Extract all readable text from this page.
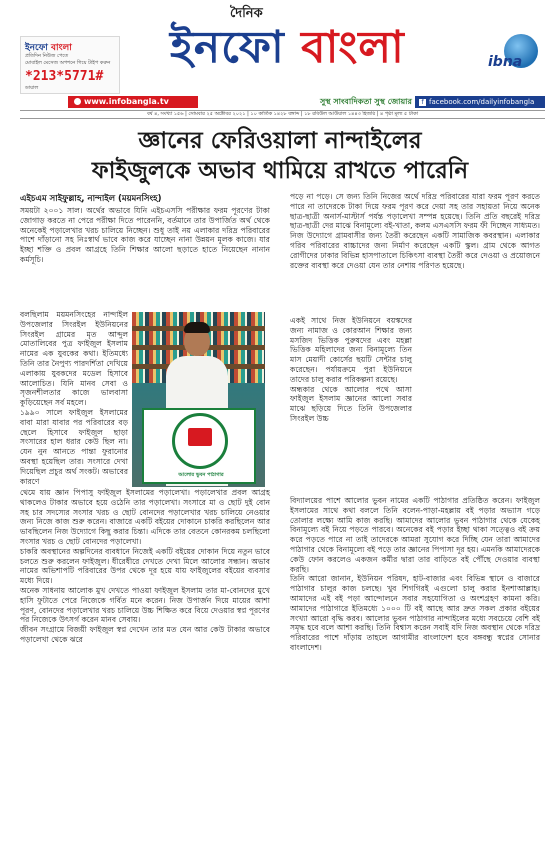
ইনফো বাংলা
প্রতিদিন নিউজ পেতে
মোবাইল মেসেজ অপশনে গিয়ে টাইপ করুন
*213*5771#
ডায়াল
দৈনিক
ইনফো বাংলা	ibna
www.infobangla.tv	সুস্থ সাংবাদিকতা সুস্থ জোয়ার	f facebook.com/dailyinfobangla
বর্ষ ৪, সংখ্যা ১৫৬ | সোমবার ২৫ অক্টোবর ২০২১ | ১০ কার্তিক ১৪২৮ বঙ্গাব্দ | ১৮ রবিউল আউয়াল ১৪৪৩ হিজরি | ৪ পৃষ্ঠা মূল্য ৫ টাকা
জ্ঞানের ফেরিওয়ালা নান্দাইলের
ফাইজুলকে অভাব থামিয়ে রাখতে পারেনি
এইচএম সাইফুল্লাহ, নান্দাইল (ময়মনসিংহ)
সময়টা ২০০১ সাল। অর্থের অভাবে যিনি এইচএসসি পরীক্ষার ফরম পূরণের টাকা জোগাড় করতে না পেরে পরীক্ষা দিতে পারেননি, বর্তমানে তার উপার্জিত অর্থ থেকে অনেকেই পড়ালেখার খরচ চালিয়ে নিচ্ছেন। শুধু তাই নয় এলাকার দরিদ্র পরিবারের পাশে দাঁড়ানো সহ নিঃস্বার্থ ভাবে কাজ করে যাচ্ছেন নানা উন্নয়ন মূলক কাজে। যার ইচ্ছা শক্তি ও প্রবল আগ্রহে তিনি শিক্ষার আলো ছড়াতে হাতে নিয়েছেন নানান কর্মসূচি।
বলছিলাম ময়মনসিংহের নান্দাইল উপজেলার সিংরইল ইউনিয়নের সিংরইল গ্রামের মৃত আব্দুল মোতালিবের পুত্র ফাইজুল ইসলাম নামের এক যুবকের কথা। ইতিমধ্যে তিনি তার নৈপুণ্য পারদর্শিতা দেখিয়ে এলাকায় যুবকদের মডেল হিসাবে আলোচিত। যিনি মানব সেবা ও সৃজনশীলতার কাজে ভালবাসা কুড়িয়েছেন সর্ব মহলে।
১৯৯০ সালে ফাইজুল ইসলামের বাবা মারা যাবার পর পরিবারের বড় ছেলে হিসাবে ফাইজুল ছাড়া সংসারের হাল ধরার কেউ ছিল না। যেন নুন আনতে পান্তা ফুরানোর অবস্থা হয়েছিল তার। সংসারে দেখা দিয়েছিল প্রচুর অর্থ সংকট। অভাবের কারণে
আলোর ভুবন পাঠাগার
থেমে যায় জ্ঞান পিপাসু ফাইজুল ইসলামের পড়ালেখা। পড়ালেখার প্রবল আগ্রহ থাকলেও টাকার অভাবে হয়ে ওঠেনি তার পড়ালেখা। সংসারে মা ও ছোট দুই বোন সহ চার সদস্যের সংসার খরচ ও ছোট বোনদের পড়ালেখার খরচ চালিয়ে নেওয়ার জন্য নিজে কাজ শুরু করেন। বাজারে একটি বইয়ের দোকানে চাকরি করছিলেন আর ভাবছিলেন নিজ উদ্যোগে কিছু করার চিন্তা। এদিকে তার বেতনে কোনরকম চলছিলো সংসার খরচ ও ছোট বোনদের পড়ালেখা।
চাকরি অবস্থানের অল্পদিনের ব্যবধানে নিজেই একটি বইয়ের দোকান দিয়ে নতুন ভাবে চলতে শুরু করলেন ফাইজুল। ধীরেধীরে দেখতে দেখা মিলে আলোর সন্ধান। অভাব নামের অভিশাপটি পরিবারের উপর থেকে দূর হয়ে যায় ফাইজুলের বইয়ের ব্যবসার মধ্যে দিয়ে।
অনেক সাধনায় আলোক মুখ দেখতে পাওয়া ফাইজুল ইসলাম তার মা-বোনদের মুখে হাসি ফুটাতে পেরে নিজেকে গর্বিত মনে করেন। নিজ উপার্জন দিয়ে মায়ের আশা পূরণ, বোনদের পড়ালেখার খরচ চালিয়ে উচ্চ শিক্ষিত করে বিয়ে দেওয়ার স্বপ্ন পূরণের পর নিজেকে উৎসর্গ করেন মানব সেবায়।
জীবন সংগ্রামে বিজয়ী ফাইজুল স্বপ্ন দেখেন তার মত যেন আর কেউ টাকার অভাবে পড়ালেখা থেকে ঝরে
পড়ে না পড়ে। সে জন্য তিনি নিজের অর্থে দরিদ্র পরিবারের যারা ফরম পূরণ করতে পারে না তাদেরকে টাকা দিয়ে ফরম পূরণ করে দেয়া সহ তার সহায়তা নিয়ে অনেক ছাত্র-ছাত্রী অনার্স-মাস্টার্স পর্যন্ত পড়ালেখা সম্পন্ন হয়েছে। তিনি প্রতি বছরেই দরিদ্র ছাত্র-ছাত্রী দের মাঝে বিনামূল্যে বই-খাতা, কলম এসএসসি ফরম ফী দিচ্ছেন সাধ্যমত। নিজ উদ্যোগে গ্রামবাসীর জন্য তৈরী করেছেন একটি সামাজিক কবরস্থান। এলাকার গরিব পরিবারের বাচ্চাদের জন্য নির্মাণ করেছেন একটি স্কুল। গ্রাম থেকে আগত রোগীদের ঢাকার বিভিন্ন হাসপাতালে চিকিৎসা ব্যবস্থা তৈরী করে দেওয়া ও প্রয়োজনে রক্তের ব্যবস্থা করে দেওয়া যেন তার নেশায় পরিণত হয়েছে।
একই সাথে নিজ ইউনিয়নে বয়স্কদের জন্য নামাজ ও কোরআন শিক্ষার জন্য মসজিদ ভিত্তিক পুরুষদের এবং মহল্লা ভিত্তিক মহিলাদের জন্য বিনামূল্যে তিন মাস মেয়াদী কোর্সের ছয়টি সেন্টার চালু করেছেন। পর্যায়ক্রমে পুরা ইউনিয়নে তাদের চালু করার পরিকল্পনা রয়েছে।
অন্ধকার থেকে আলোর পথে আসা ফাইজুল ইসলাম জ্ঞানের আলো সবার মাঝে ছড়িয়ে দিতে তিনি উপজেলার সিংরইল উচ্চ
বিদ্যালয়ের পাশে আলোর ভুবন নামের একটি পাঠাগার প্রতিষ্ঠিত করেন। ফাইজুল ইসলামের সাথে কথা বললে তিনি বলেন-পাড়া-মহল্লায় বই পড়ার অভ্যাস গড়ে তোলার লক্ষ্যে আমি কাজ করছি। আমাদের আলোর ভুবন পাঠাগার থেকে যেকেহ বিনামূল্যে বই নিয়ে পড়তে পারবে। অনেকের বই পড়ার ইচ্ছা থাকা সত্ত্বেও বই ক্রয় করে পড়তে পারে না তাই তাদেরকে আমরা সুযোগ করে দিচ্ছি যেন তারা আমাদের পাঠাগার থেকে বিনামূল্যে বই পড়ে তার জ্ঞানের পিপাসা দূর হয়। এমনকি আমাদেরকে কেউ ফোন করলেও একজন কর্মীর দ্বারা তার বাড়িতে বই পৌঁছে দেওয়ার ব্যবস্থা করছি।
তিনি আরো জানান, ইউনিয়ন পরিষদ, হাট-বাজার এবং বিভিন্ন স্থানে ও বাজারে পাঠাগার চালুর কাজ চলছে। খুব শিগগিরই এগুলো চালু করার ইনশাআল্লাহ। আমাদের এই বই পড়া আন্দোলনে সবার সহযোগিতা ও অংশগ্রহণ কামনা করি। আমাদের পাঠাগারে ইতিমধ্যে ১০০০ টি বই আছে আর দ্রুত সকল প্রকার বইয়ের সংখ্যা আরো বৃদ্ধি করব। আলোর ভুবন পাঠাগার নান্দাইলের মধ্যে সবচেয়ে বেশি বই সমৃদ্ধ হবে বলে আশা করছি। তিনি বিশ্বাস করেন সবাই যদি নিজ অবস্থান থেকে দরিদ্র পরিবারের পাশে দাঁড়ায় তাহলে আগামীর বাংলাদেশ হবে বঙ্গবন্ধু স্বপ্নের সোনার বাংলাদেশ।
